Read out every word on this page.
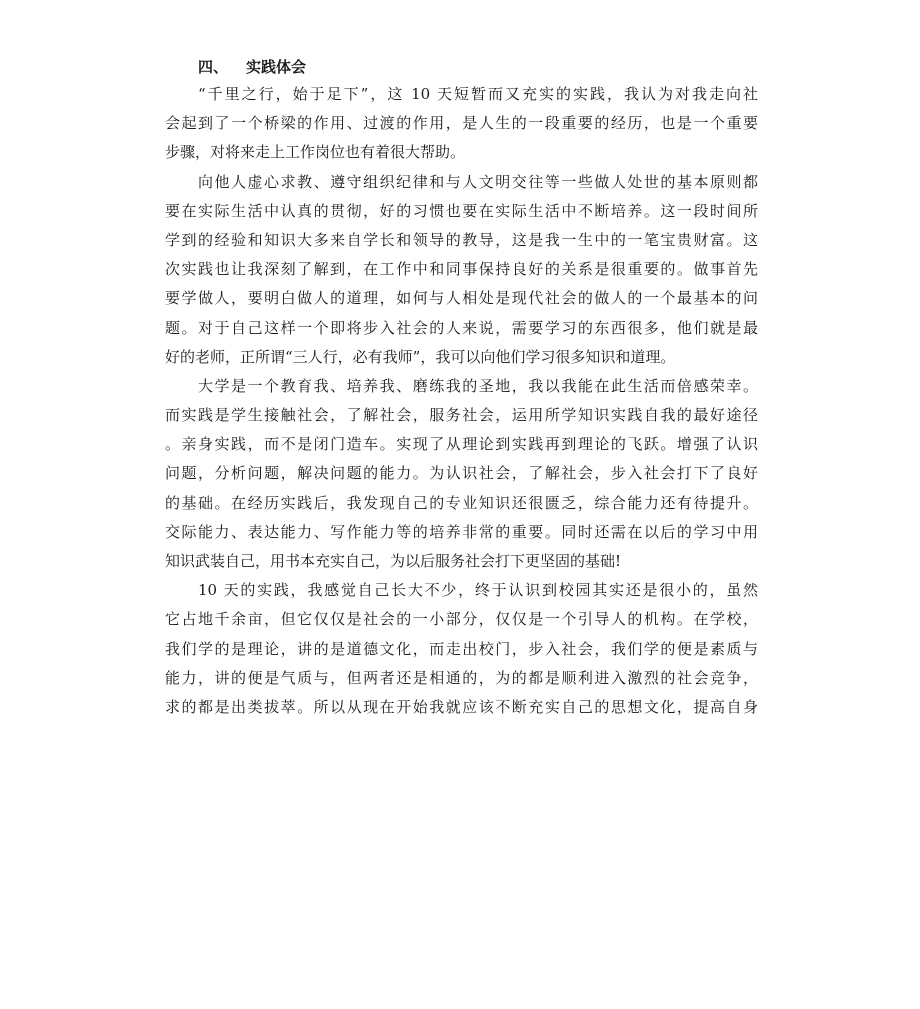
四、 实践体会
“千里之行，始于足下”，这 10 天短暂而又充实的实践，我认为对我走向社
会起到了一个桥梁的作用、过渡的作用，是人生的一段重要的经历，也是一个重要
步骤，对将来走上工作岗位也有着很大帮助。
向他人虚心求教、遵守组织纪律和与人文明交往等一些做人处世的基本原则都
要在实际生活中认真的贯彻，好的习惯也要在实际生活中不断培养。这一段时间所
学到的经验和知识大多来自学长和领导的教导，这是我一生中的一笔宝贵财富。这
次实践也让我深刻了解到，在工作中和同事保持良好的关系是很重要的。做事首先
要学做人，要明白做人的道理，如何与人相处是现代社会的做人的一个最基本的问
题。对于自己这样一个即将步入社会的人来说，需要学习的东西很多，他们就是最
好的老师，正所谓“三人行，必有我师”，我可以向他们学习很多知识和道理。
大学是一个教育我、培养我、磨练我的圣地，我以我能在此生活而倍感荣幸。
而实践是学生接触社会，了解社会，服务社会，运用所学知识实践自我的最好途径
。亲身实践，而不是闭门造车。实现了从理论到实践再到理论的飞跃。增强了认识
问题，分析问题，解决问题的能力。为认识社会，了解社会，步入社会打下了良好
的基础。在经历实践后，我发现自己的专业知识还很匮乏，综合能力还有待提升。
交际能力、表达能力、写作能力等的培养非常的重要。同时还需在以后的学习中用
知识武装自己，用书本充实自己，为以后服务社会打下更坚固的基础!
10 天的实践，我感觉自己长大不少，终于认识到校园其实还是很小的，虽然
它占地千余亩，但它仅仅是社会的一小部分，仅仅是一个引导人的机构。在学校，
我们学的是理论，讲的是道德文化，而走出校门，步入社会，我们学的便是素质与
能力，讲的便是气质与，但两者还是相通的，为的都是顺利进入激烈的社会竞争，
求的都是出类拔萃。所以从现在开始我就应该不断充实自己的思想文化，提高自身
